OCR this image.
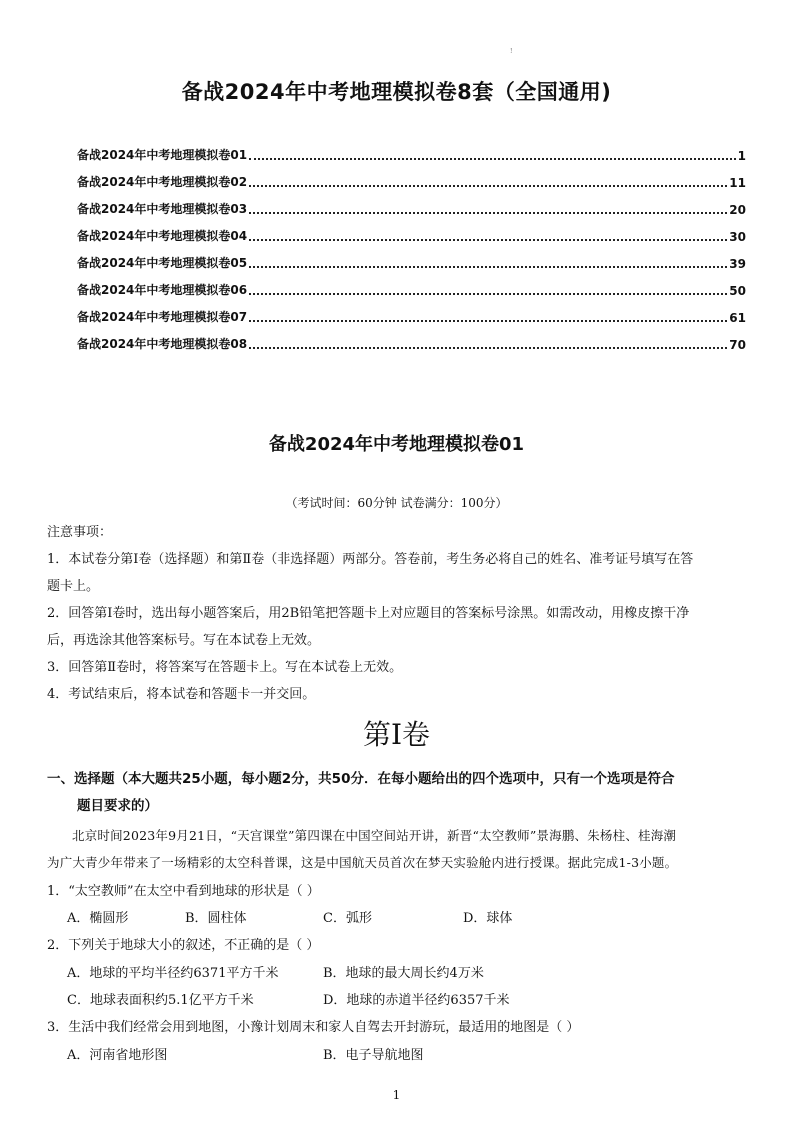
!
备战2024年中考地理模拟卷8套（全国通用)
备战2024年中考地理模拟卷01	1
备战2024年中考地理模拟卷02	11
备战2024年中考地理模拟卷03	20
备战2024年中考地理模拟卷04	30
备战2024年中考地理模拟卷05	39
备战2024年中考地理模拟卷06	50
备战2024年中考地理模拟卷07	61
备战2024年中考地理模拟卷08	70
备战2024年中考地理模拟卷01
（考试时间：60分钟 试卷满分：100分）
注意事项：

1．本试卷分第Ⅰ卷（选择题）和第Ⅱ卷（非选择题）两部分。答卷前，考生务必将自己的姓名、准考证号填写在答

题卡上。

2．回答第Ⅰ卷时，选出每小题答案后，用2B铅笔把答题卡上对应题目的答案标号涂黑。如需改动，用橡皮擦干净

后，再选涂其他答案标号。写在本试卷上无效。

3．回答第Ⅱ卷时，将答案写在答题卡上。写在本试卷上无效。

4．考试结束后，将本试卷和答题卡一并交回。

第Ⅰ卷
一、选择题（本大题共25小题，每小题2分，共50分．在每小题给出的四个选项中，只有一个选项是符合
题目要求的）
北京时间2023年9月21日，“天宫课堂”第四课在中国空间站开讲，新晋“太空教师”景海鹏、朱杨柱、桂海潮
为广大青少年带来了一场精彩的太空科普课，这是中国航天员首次在梦天实验舱内进行授课。据此完成1-3小题。
1．“太空教师”在太空中看到地球的形状是（ ）
A．椭圆形	B．圆柱体	C．弧形	D．球体
2．下列关于地球大小的叙述，不正确的是（ ）
A．地球的平均半径约6371平方千米	B．地球的最大周长约4万米
C．地球表面积约5.1亿平方千米	D．地球的赤道半径约6357千米
3．生活中我们经常会用到地图，小豫计划周末和家人自驾去开封游玩，最适用的地图是（ ）
A．河南省地形图	B．电子导航地图
1
